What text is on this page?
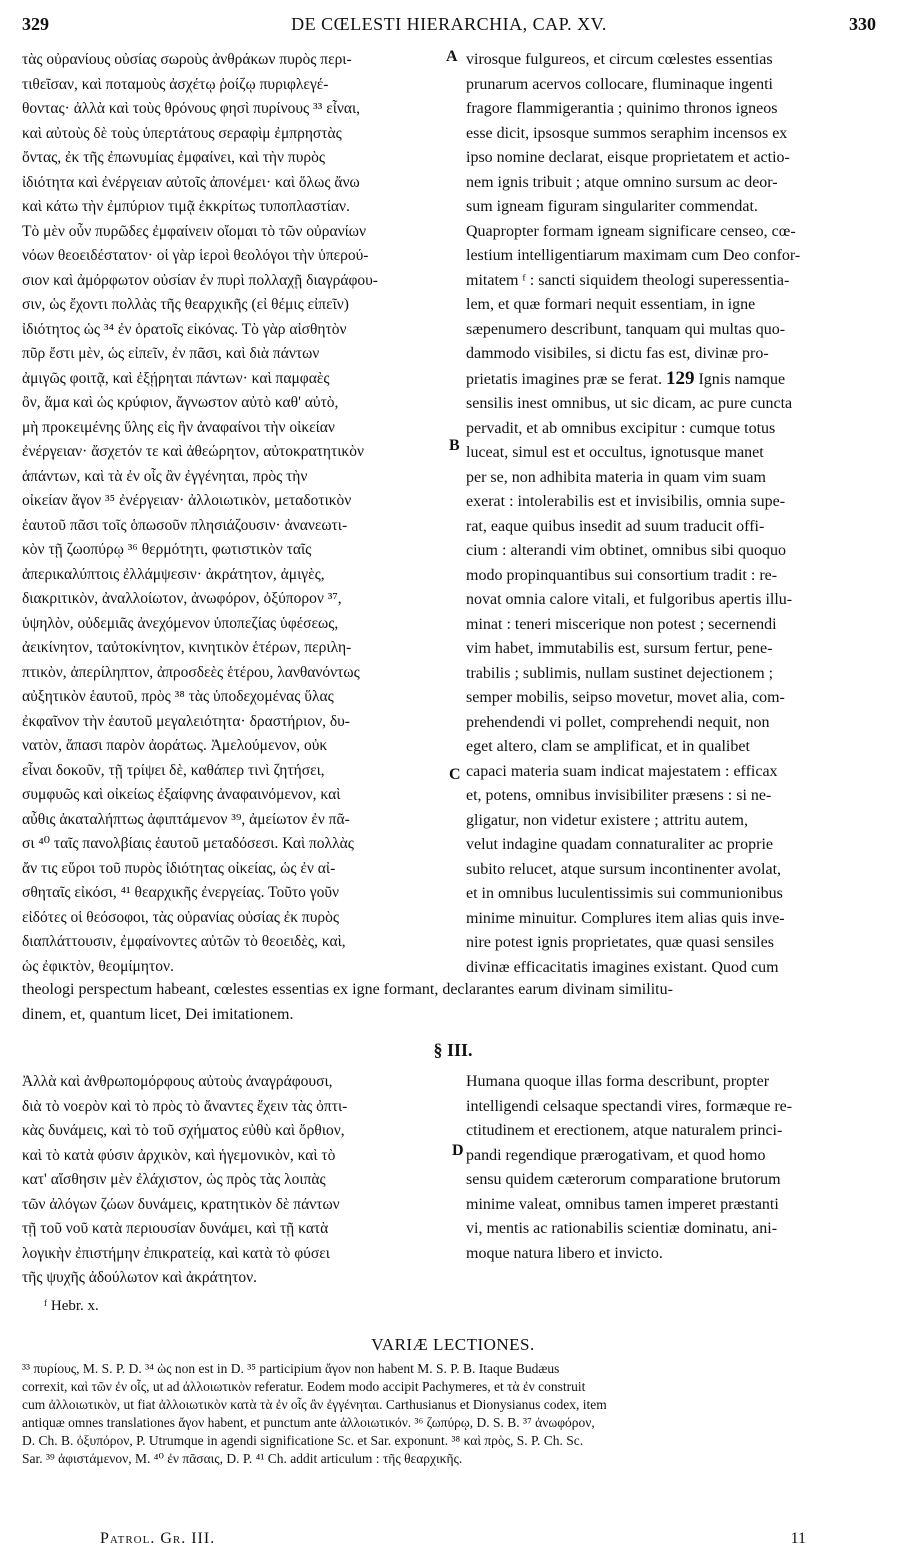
329	DE CŒLESTI HIERARCHIA, CAP. XV.	330
A
B
C
D
τὰς οὐρανίους οὐσίας σωροὺς ἀνθράκων πυρὸς περι-
τιθεῖσαν, καὶ ποταμοὺς ἀσχέτῳ ῥοίζῳ πυριφλεγέ-
θοντας· ἀλλὰ καὶ τοὺς θρόνους φησὶ πυρίνους ³³ εἶναι,
καὶ αὐτοὺς δὲ τοὺς ὑπερτάτους σεραφὶμ ἐμπρηστὰς
ὄντας, ἐκ τῆς ἐπωνυμίας ἐμφαίνει, καὶ τὴν πυρὸς
ἰδιότητα καὶ ἐνέργειαν αὐτοῖς ἀπονέμει· καὶ ὅλως ἄνω
καὶ κάτω τὴν ἐμπύριον τιμᾷ ἐκκρίτως τυποπλαστίαν.
Τὸ μὲν οὖν πυρῶδες ἐμφαίνειν οἴομαι τὸ τῶν οὐρανίων
νόων θεοειδέστατον· οἱ γὰρ ἱεροὶ θεολόγοι τὴν ὑπερού-
σιον καὶ ἀμόρφωτον οὐσίαν ἐν πυρὶ πολλαχῇ διαγράφου-
σιν, ὡς ἔχοντι πολλὰς τῆς θεαρχικῆς (εἰ θέμις εἰπεῖν)
ἰδιότητος ὡς ³⁴ ἐν ὁρατοῖς εἰκόνας. Τὸ γὰρ αἰσθητὸν
πῦρ ἔστι μὲν, ὡς εἰπεῖν, ἐν πᾶσι, καὶ διὰ πάντων
ἀμιγῶς φοιτᾷ, καὶ ἐξῄρηται πάντων· καὶ παμφαὲς
ὂν, ἅμα καὶ ὡς κρύφιον, ἄγνωστον αὐτὸ καθ' αὐτὸ,
μὴ προκειμένης ὕλης εἰς ἣν ἀναφαίνοι τὴν οἰκείαν
ἐνέργειαν· ἄσχετόν τε καὶ ἀθεώρητον, αὐτοκρατητικὸν
ἁπάντων, καὶ τὰ ἐν οἷς ἂν ἐγγένηται, πρὸς τὴν
οἰκείαν ἄγον ³⁵ ἐνέργειαν· ἀλλοιωτικὸν, μεταδοτικὸν
ἑαυτοῦ πᾶσι τοῖς ὁπωσοῦν πλησιάζουσιν· ἀνανεωτι-
κὸν τῇ ζωοπύρῳ ³⁶ θερμότητι, φωτιστικὸν ταῖς
ἀπερικαλύπτοις ἐλλάμψεσιν· ἀκράτητον, ἀμιγὲς,
διακριτικὸν, ἀναλλοίωτον, ἀνωφόρον, ὀξύπορον ³⁷,
ὑψηλὸν, οὐδεμιᾶς ἀνεχόμενον ὑποπεζίας ὑφέσεως,
ἀεικίνητον, ταὐτοκίνητον, κινητικὸν ἑτέρων, περιλη-
πτικὸν, ἀπερίληπτον, ἀπροσδεὲς ἑτέρου, λανθανόντως
αὐξητικὸν ἑαυτοῦ, πρὸς ³⁸ τὰς ὑποδεχομένας ὕλας
ἐκφαῖνον τὴν ἑαυτοῦ μεγαλειότητα· δραστήριον, δυ-
νατὸν, ἅπασι παρὸν ἀοράτως. Ἀμελούμενον, οὐκ
εἶναι δοκοῦν, τῇ τρίψει δὲ, καθάπερ τινὶ ζητήσει,
συμφυῶς καὶ οἰκείως ἐξαίφνης ἀναφαινόμενον, καὶ
αὖθις ἀκαταλήπτως ἀφιπτάμενον ³⁹, ἀμείωτον ἐν πᾶ-
σι ⁴⁰ ταῖς πανολβίαις ἑαυτοῦ μεταδόσεσι. Καὶ πολλὰς
ἄν τις εὕροι τοῦ πυρὸς ἰδιότητας οἰκείας, ὡς ἐν αἰ-
σθηταῖς εἰκόσι, ⁴¹ θεαρχικῆς ἐνεργείας. Τοῦτο γοῦν
εἰδότες οἱ θεόσοφοι, τὰς οὐρανίας οὐσίας ἐκ πυρὸς
διαπλάττουσιν, ἐμφαίνοντες αὐτῶν τὸ θεοειδὲς, καὶ,
ὡς ἐφικτὸν, θεομίμητον.
virosque fulgureos, et circum cœlestes essentias
prunarum acervos collocare, fluminaque ingenti
fragore flammigerantia ; quinimo thronos igneos
esse dicit, ipsosque summos seraphim incensos ex
ipso nomine declarat, eisque proprietatem et actio-
nem ignis tribuit ; atque omnino sursum ac deor-
sum igneam figuram singulariter commendat.
Quapropter formam igneam significare censeo, cœ-
lestium intelligentiarum maximam cum Deo confor-
mitatem ᶠ : sancti siquidem theologi superessentia-
lem, et quæ formari nequit essentiam, in igne
sæpenumero describunt, tanquam qui multas quo-
dammodo visibiles, si dictu fas est, divinæ pro-
prietatis imagines præ se ferat. 129 Ignis namque
sensilis inest omnibus, ut sic dicam, ac pure cuncta
pervadit, et ab omnibus excipitur : cumque totus
luceat, simul est et occultus, ignotusque manet
per se, non adhibita materia in quam vim suam
exerat : intolerabilis est et invisibilis, omnia supe-
rat, eaque quibus insedit ad suum traducit offi-
cium : alterandi vim obtinet, omnibus sibi quoquo
modo propinquantibus sui consortium tradit : re-
novat omnia calore vitali, et fulgoribus apertis illu-
minat : teneri miscerique non potest ; secernendi
vim habet, immutabilis est, sursum fertur, pene-
trabilis ; sublimis, nullam sustinet dejectionem ;
semper mobilis, seipso movetur, movet alia, com-
prehendendi vi pollet, comprehendi nequit, non
eget altero, clam se amplificat, et in qualibet
capaci materia suam indicat majestatem : efficax
et, potens, omnibus invisibiliter præsens : si ne-
gligatur, non videtur existere ; attritu autem,
velut indagine quadam connaturaliter ac proprie
subito relucet, atque sursum incontinenter avolat,
et in omnibus luculentissimis sui communionibus
minime minuitur. Complures item alias quis inve-
nire potest ignis proprietates, quæ quasi sensiles
divinæ efficacitatis imagines existant. Quod cum
theologi perspectum habeant, cœlestes essentias ex igne formant, declarantes earum divinam similitu-
dinem, et, quantum licet, Dei imitationem.
§ III.
Ἀλλὰ καὶ ἀνθρωπομόρφους αὐτοὺς ἀναγράφουσι,
διὰ τὸ νοερὸν καὶ τὸ πρὸς τὸ ἄναντες ἔχειν τὰς ὀπτι-
κὰς δυνάμεις, καὶ τὸ τοῦ σχήματος εὐθὺ καὶ ὄρθιον,
καὶ τὸ κατὰ φύσιν ἀρχικὸν, καὶ ἡγεμονικὸν, καὶ τὸ
κατ' αἴσθησιν μὲν ἐλάχιστον, ὡς πρὸς τὰς λοιπὰς
τῶν ἀλόγων ζώων δυνάμεις, κρατητικὸν δὲ πάντων
τῇ τοῦ νοῦ κατὰ περιουσίαν δυνάμει, καὶ τῇ κατὰ
λογικὴν ἐπιστήμην ἐπικρατείᾳ, καὶ κατὰ τὸ φύσει
τῆς ψυχῆς ἀδούλωτον καὶ ἀκράτητον.
Humana quoque illas forma describunt, propter
intelligendi celsaque spectandi vires, formæque re-
ctitudinem et erectionem, atque naturalem princi-
pandi regendique prærogativam, et quod homo
sensu quidem cæterorum comparatione brutorum
minime valeat, omnibus tamen imperet præstanti
vi, mentis ac rationabilis scientiæ dominatu, ani-
moque natura libero et invicto.
ᶠ Hebr. x.
VARIÆ LECTIONES.
³³ πυρίους, M. S. P. D. ³⁴ ὡς non est in D. ³⁵ participium ἄγον non habent M. S. P. B. Itaque Budæus
correxit, καὶ τῶν ἐν οἷς, ut ad ἀλλοιωτικὸν referatur. Eodem modo accipit Pachymeres, et τὰ ἐν construit
cum ἀλλοιωτικὸν, ut fiat ἀλλοιωτικὸν κατὰ τὰ ἐν οἷς ἂν ἐγγένηται. Carthusianus et Dionysianus codex, item
antiquæ omnes translationes ἄγον habent, et punctum ante ἀλλοιωτικόν. ³⁶ ζωπύρῳ, D. S. B. ³⁷ ἀνωφόρον,
D. Ch. B. ὀξυπόρον, P. Utrumque in agendi significatione Sc. et Sar. exponunt. ³⁸ καὶ πρὸς, S. P. Ch. Sc.
Sar. ³⁹ ἀφιστάμενον, M. ⁴⁰ ἐν πᾶσαις, D. P. ⁴¹ Ch. addit articulum : τῆς θεαρχικῆς.
Patrol. Gr. III.	11
